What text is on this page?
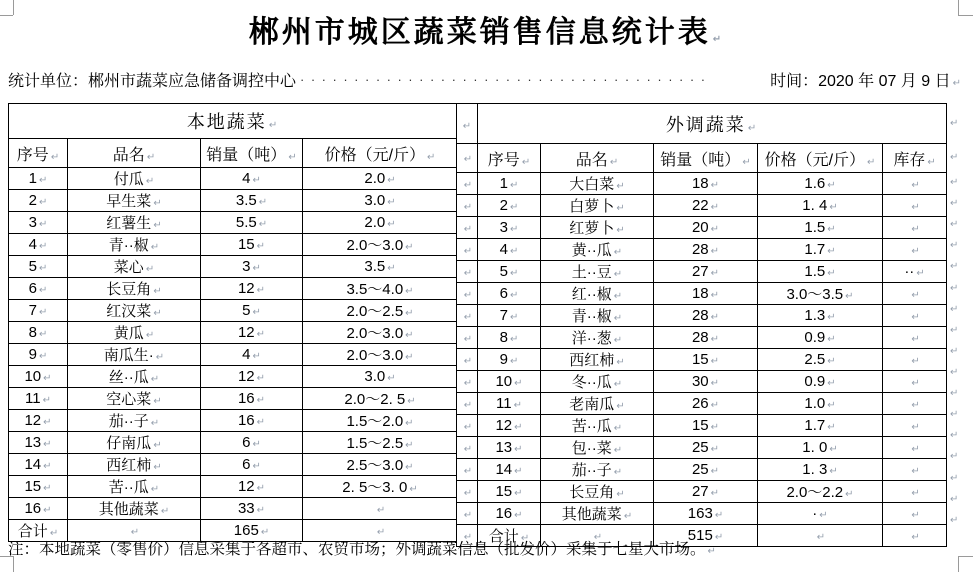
郴州市城区蔬菜销售信息统计表 ↵
统计单位：郴州市蔬菜应急储备调控中心 ······································	时间：2020 年 07 月 9 日 ↵
本地蔬菜 ↵			
序号 ↵	品名 ↵	销量（吨） ↵	价格（元/斤） ↵
1 ↵	付瓜 ↵	4 ↵	2.0 ↵
2 ↵	早生菜 ↵	3.5 ↵	3.0 ↵
3 ↵	红薯生 ↵	5.5 ↵	2.0 ↵
4 ↵	青··椒 ↵	15 ↵	2.0～3.0 ↵
5 ↵	菜心 ↵	3 ↵	3.5 ↵
6 ↵	长豆角 ↵	12 ↵	3.5～4.0 ↵
7 ↵	红汉菜 ↵	5 ↵	2.0～2.5 ↵
8 ↵	黄瓜 ↵	12 ↵	2.0～3.0 ↵
9 ↵	南瓜生· ↵	4 ↵	2.0～3.0 ↵
10 ↵	丝··瓜 ↵	12 ↵	3.0 ↵
11 ↵	空心菜 ↵	16 ↵	2.0～2. 5 ↵
12 ↵	茄··子 ↵	16 ↵	1.5～2.0 ↵
13 ↵	仔南瓜 ↵	6 ↵	1.5～2.5 ↵
14 ↵	西红柿 ↵	6 ↵	2.5～3.0 ↵
15 ↵	苦··瓜 ↵	12 ↵	2. 5～3. 0 ↵
16 ↵	其他蔬菜 ↵	33 ↵	↵
合计 ↵	↵	165 ↵	↵
↵	外调蔬菜 ↵				
↵	序号 ↵	品名 ↵	销量（吨） ↵	价格（元/斤） ↵	库存 ↵
↵	1 ↵	大白菜 ↵	18 ↵	1.6 ↵	↵
↵	2 ↵	白萝卜 ↵	22 ↵	1. 4 ↵	↵
↵	3 ↵	红萝卜 ↵	20 ↵	1.5 ↵	↵
↵	4 ↵	黄··瓜 ↵	28 ↵	1.7 ↵	↵
↵	5 ↵	土··豆 ↵	27 ↵	1.5 ↵	·· ↵
↵	6 ↵	红··椒 ↵	18 ↵	3.0～3.5 ↵	↵
↵	7 ↵	青··椒 ↵	28 ↵	1.3 ↵	↵
↵	8 ↵	洋··葱 ↵	28 ↵	0.9 ↵	↵
↵	9 ↵	西红柿 ↵	15 ↵	2.5 ↵	↵
↵	10 ↵	冬··瓜 ↵	30 ↵	0.9 ↵	↵
↵	11 ↵	老南瓜 ↵	26 ↵	1.0 ↵	↵
↵	12 ↵	苦··瓜 ↵	15 ↵	1.7 ↵	↵
↵	13 ↵	包··菜 ↵	25 ↵	1. 0 ↵	↵
↵	14 ↵	茄··子 ↵	25 ↵	1. 3 ↵	↵
↵	15 ↵	长豆角 ↵	27 ↵	2.0～2.2 ↵	↵
↵	16 ↵	其他蔬菜 ↵	163 ↵	· ↵	↵
↵	合计 ↵	↵	515 ↵	↵	↵
↵
↵
↵
↵
↵
↵
↵
↵
↵
↵
↵
↵
↵
↵
↵
↵
↵
↵
↵
注：本地蔬菜（零售价）信息采集于各超市、农贸市场；外调蔬菜信息（批发价）采集于七星大市场。 ↵
